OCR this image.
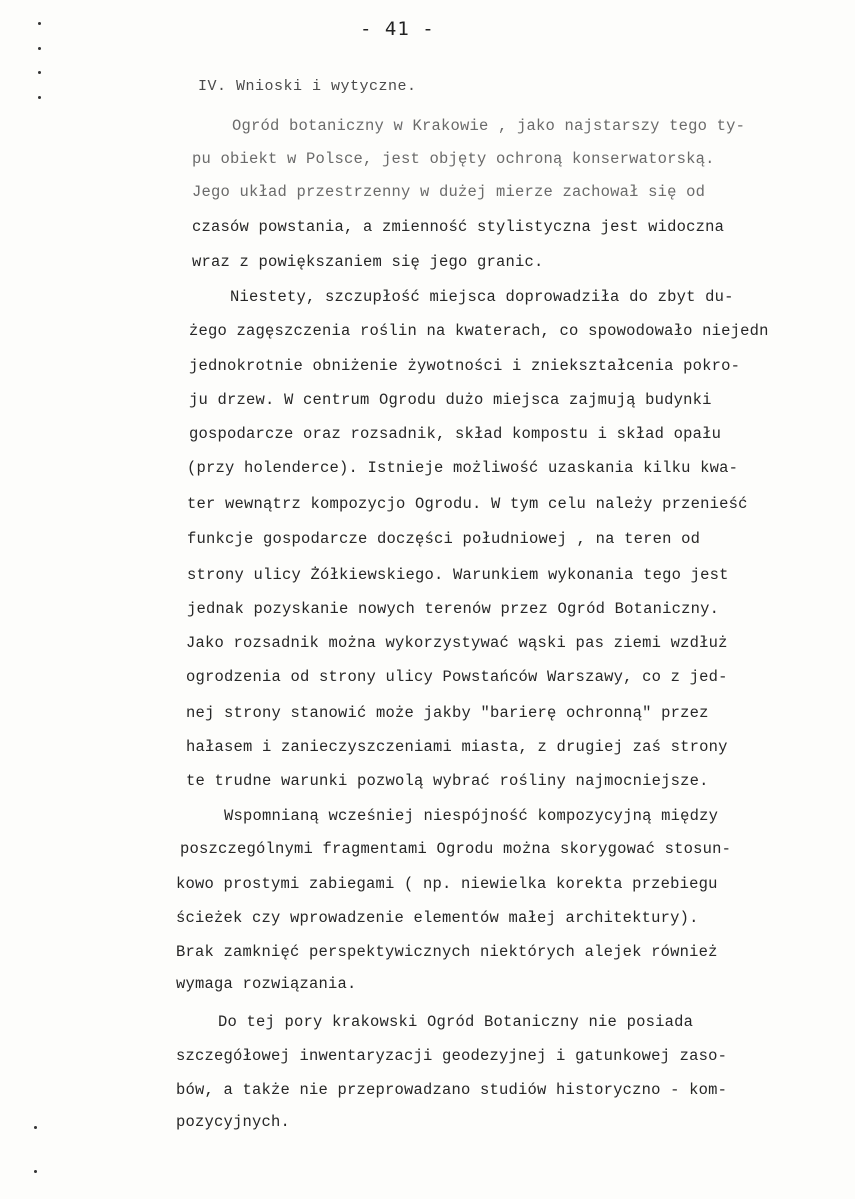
- 41 -
IV. Wnioski i wytyczne.
Ogród botaniczny w Krakowie , jako najstarszy tego ty-
pu obiekt w Polsce, jest objęty ochroną konserwatorską.
Jego układ przestrzenny w dużej mierze zachował się od
czasów powstania, a zmienność stylistyczna jest widoczna
wraz z powiększaniem się jego granic.
Niestety, szczupłość miejsca doprowadziła do zbyt du-
żego zagęszczenia roślin na kwaterach, co spowodowało niejedn
jednokrotnie obniżenie żywotności i zniekształcenia pokro-
ju drzew. W centrum Ogrodu dużo miejsca zajmują budynki
gospodarcze oraz rozsadnik, skład kompostu i skład opału
(przy holenderce). Istnieje możliwość uzaskania kilku kwa-
ter wewnątrz kompozycjo Ogrodu. W tym celu należy przenieść
funkcje gospodarcze doczęści południowej , na teren od
strony ulicy Żółkiewskiego. Warunkiem wykonania tego jest
jednak pozyskanie nowych terenów przez Ogród Botaniczny.
Jako rozsadnik można wykorzystywać wąski pas ziemi wzdłuż
ogrodzenia od strony ulicy Powstańców Warszawy, co z jed-
nej strony stanowić może jakby "barierę ochronną" przez
hałasem i zanieczyszczeniami miasta, z drugiej zaś strony
te trudne warunki pozwolą wybrać rośliny najmocniejsze.
Wspomnianą wcześniej niespójność kompozycyjną między
poszczególnymi fragmentami Ogrodu można skorygować stosun-
kowo prostymi zabiegami ( np. niewielka korekta przebiegu
ścieżek czy wprowadzenie elementów małej architektury).
Brak zamknięć perspektywicznych niektórych alejek również
wymaga rozwiązania.
Do tej pory krakowski Ogród Botaniczny nie posiada
szczegółowej inwentaryzacji geodezyjnej i gatunkowej zaso-
bów, a także nie przeprowadzano studiów historyczno - kom-
pozycyjnych.
